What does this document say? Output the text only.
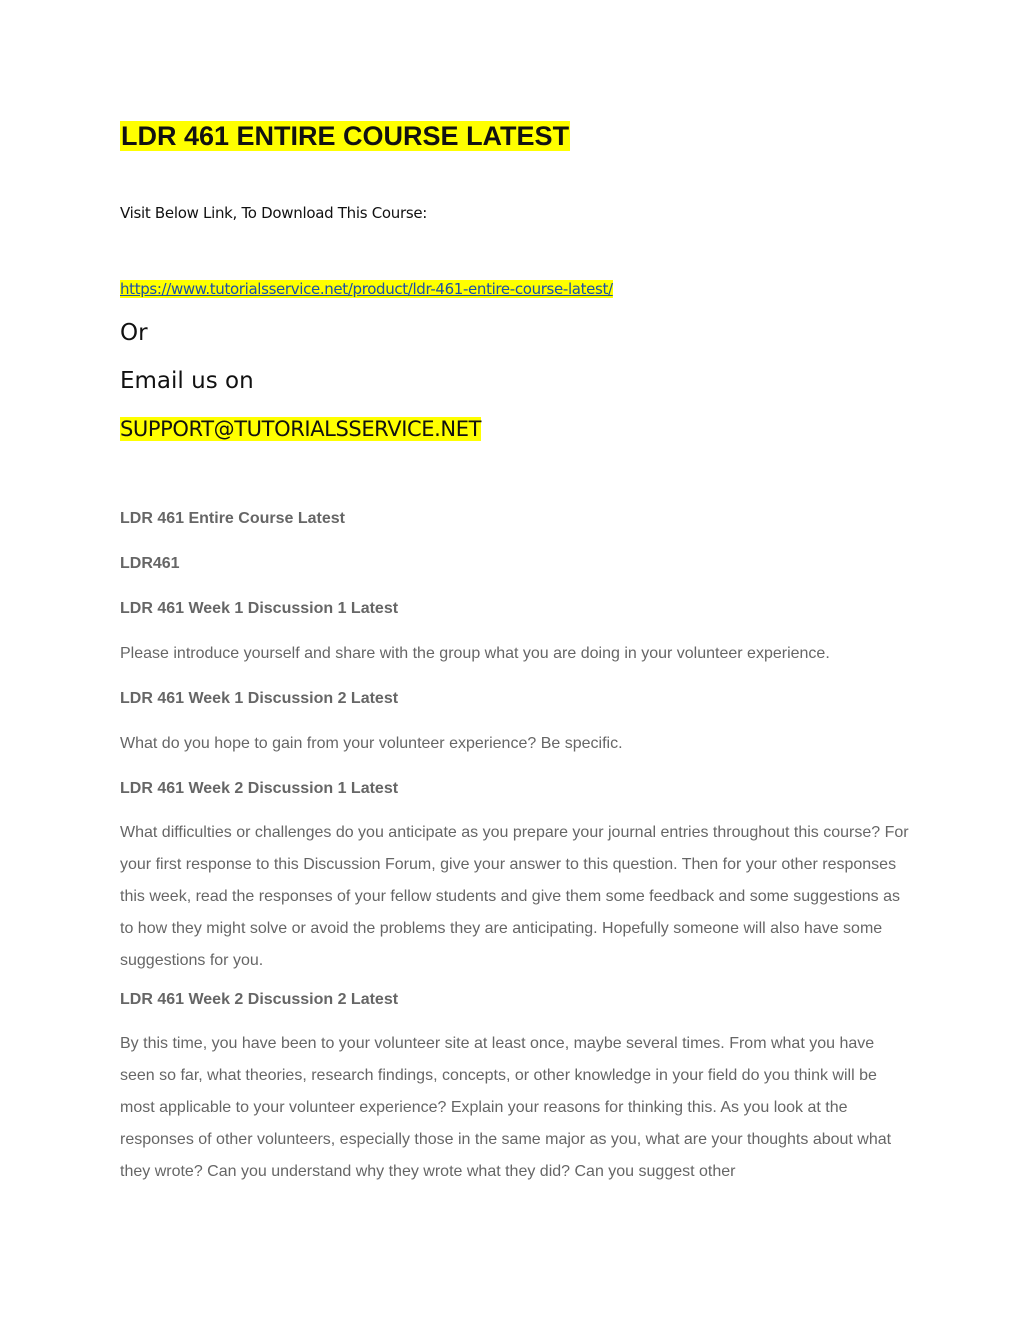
LDR 461 ENTIRE COURSE LATEST

Visit Below Link, To Download This Course:

https://www.tutorialsservice.net/product/ldr-461-entire-course-latest/

Or

Email us on

SUPPORT@TUTORIALSSERVICE.NET

LDR 461 Entire Course Latest

LDR461

LDR 461 Week 1 Discussion 1 Latest

Please introduce yourself and share with the group what you are doing in your volunteer experience.

LDR 461 Week 1 Discussion 2 Latest

What do you hope to gain from your volunteer experience? Be specific.

LDR 461 Week 2 Discussion 1 Latest

What difficulties or challenges do you anticipate as you prepare your journal entries throughout this course? For your first response to this Discussion Forum, give your answer to this question. Then for your other responses this week, read the responses of your fellow students and give them some feedback and some suggestions as to how they might solve or avoid the problems they are anticipating. Hopefully someone will also have some suggestions for you.

LDR 461 Week 2 Discussion 2 Latest

By this time, you have been to your volunteer site at least once, maybe several times. From what you have seen so far, what theories, research findings, concepts, or other knowledge in your field do you think will be most applicable to your volunteer experience? Explain your reasons for thinking this. As you look at the responses of other volunteers, especially those in the same major as you, what are your thoughts about what they wrote? Can you understand why they wrote what they did? Can you suggest other
